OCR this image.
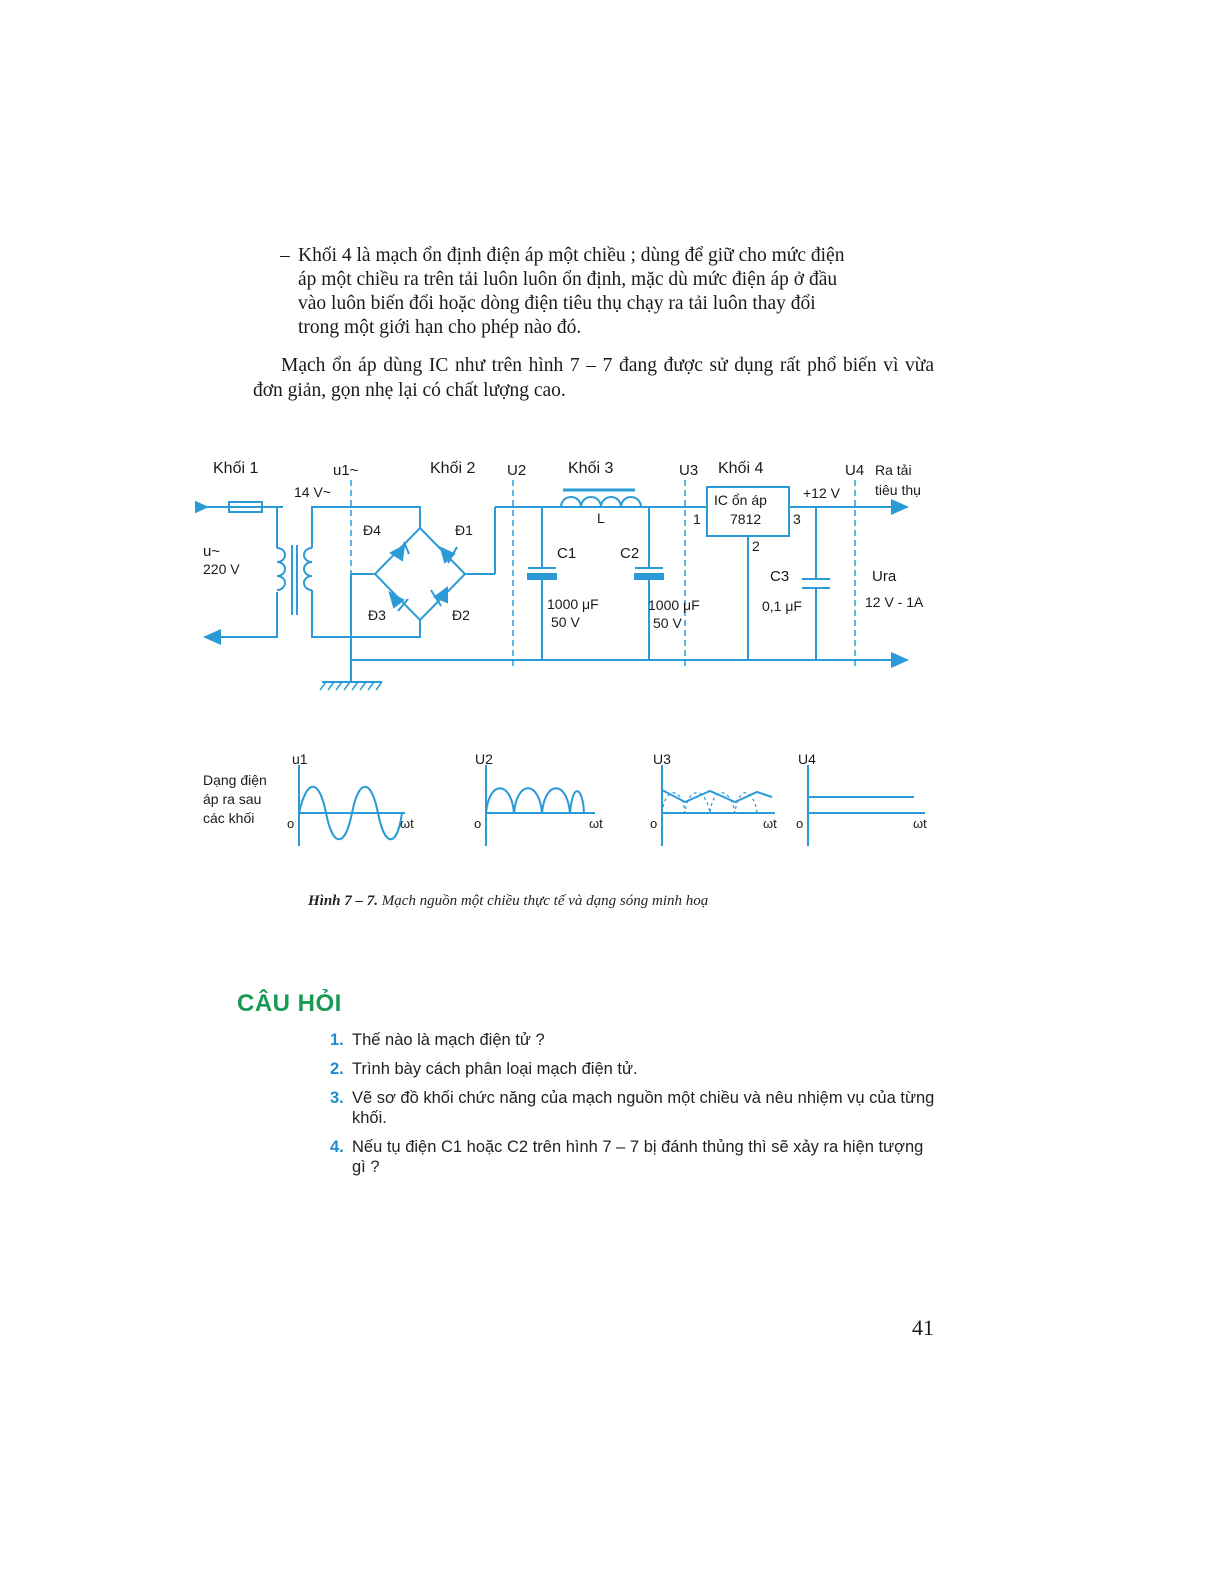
– Khối 4 là mạch ổn định điện áp một chiều ; dùng để giữ cho mức điện
áp một chiều ra trên tải luôn luôn ổn định, mặc dù mức điện áp ở đầu
vào luôn biến đổi hoặc dòng điện tiêu thụ chạy ra tải luôn thay đổi
trong một giới hạn cho phép nào đó.
Mạch ổn áp dùng IC như trên hình 7 – 7 đang được sử dụng rất phổ biến vì vừa đơn giản, gọn nhẹ lại có chất lượng cao.
Khối 1	Khối 2	Khối 3	Khối 4
u1~	U2	U3	U4 Ra tải
tiêu thụ
u~
220 V
14 V~
Đ4	Đ1
Đ3	Đ2
L
C1
1000 μF
50 V
C2
1000 μF
50 V
IC ổn áp
7812
1
2
3
+12 V
C3
0,1 μF
Ura
12 V - 1A
Dạng điện
áp ra sau
các khối
u1
o	ωt
U2
o	ωt
U3
o	ωt
U4
o	ωt
Hình 7 – 7. Mạch nguồn một chiều thực tế và dạng sóng minh hoạ
CÂU HỎI
1. Thế nào là mạch điện tử ?
2. Trình bày cách phân loại mạch điện tử.
3. Vẽ sơ đồ khối chức năng của mạch nguồn một chiều và nêu nhiệm vụ của từng khối.
4. Nếu tụ điện C1 hoặc C2 trên hình 7 – 7 bị đánh thủng thì sẽ xảy ra hiện tượng gì ?
41
